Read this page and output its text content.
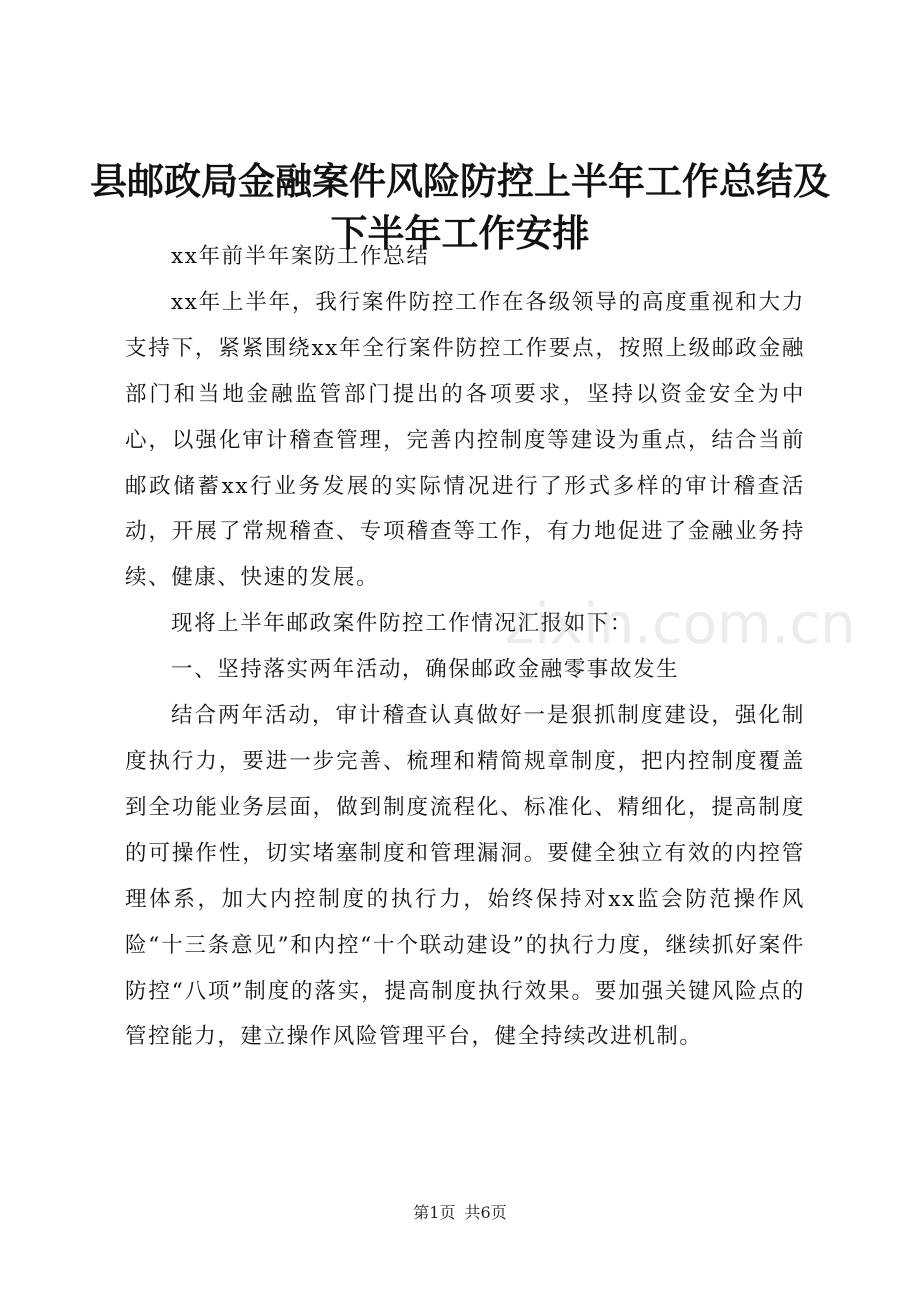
县邮政局金融案件风险防控上半年工作总结及下半年工作安排

xx年前半年案防工作总结

xx年上半年，我行案件防控工作在各级领导的高度重视和大力支持下，紧紧围绕xx年全行案件防控工作要点，按照上级邮政金融部门和当地金融监管部门提出的各项要求，坚持以资金安全为中心，以强化审计稽查管理，完善内控制度等建设为重点，结合当前邮政储蓄xx行业务发展的实际情况进行了形式多样的审计稽查活动，开展了常规稽查、专项稽查等工作，有力地促进了金融业务持续、健康、快速的发展。

现将上半年邮政案件防控工作情况汇报如下：

一、坚持落实两年活动，确保邮政金融零事故发生

结合两年活动，审计稽查认真做好一是狠抓制度建设，强化制度执行力，要进一步完善、梳理和精简规章制度，把内控制度覆盖到全功能业务层面，做到制度流程化、标准化、精细化，提高制度的可操作性，切实堵塞制度和管理漏洞。要健全独立有效的内控管理体系，加大内控制度的执行力，始终保持对xx监会防范操作风险“十三条意见”和内控“十个联动建设”的执行力度，继续抓好案件防控“八项”制度的落实，提高制度执行效果。要加强关键风险点的管控能力，建立操作风险管理平台，健全持续改进机制。

zixin.com.cn
第1页 共6页
